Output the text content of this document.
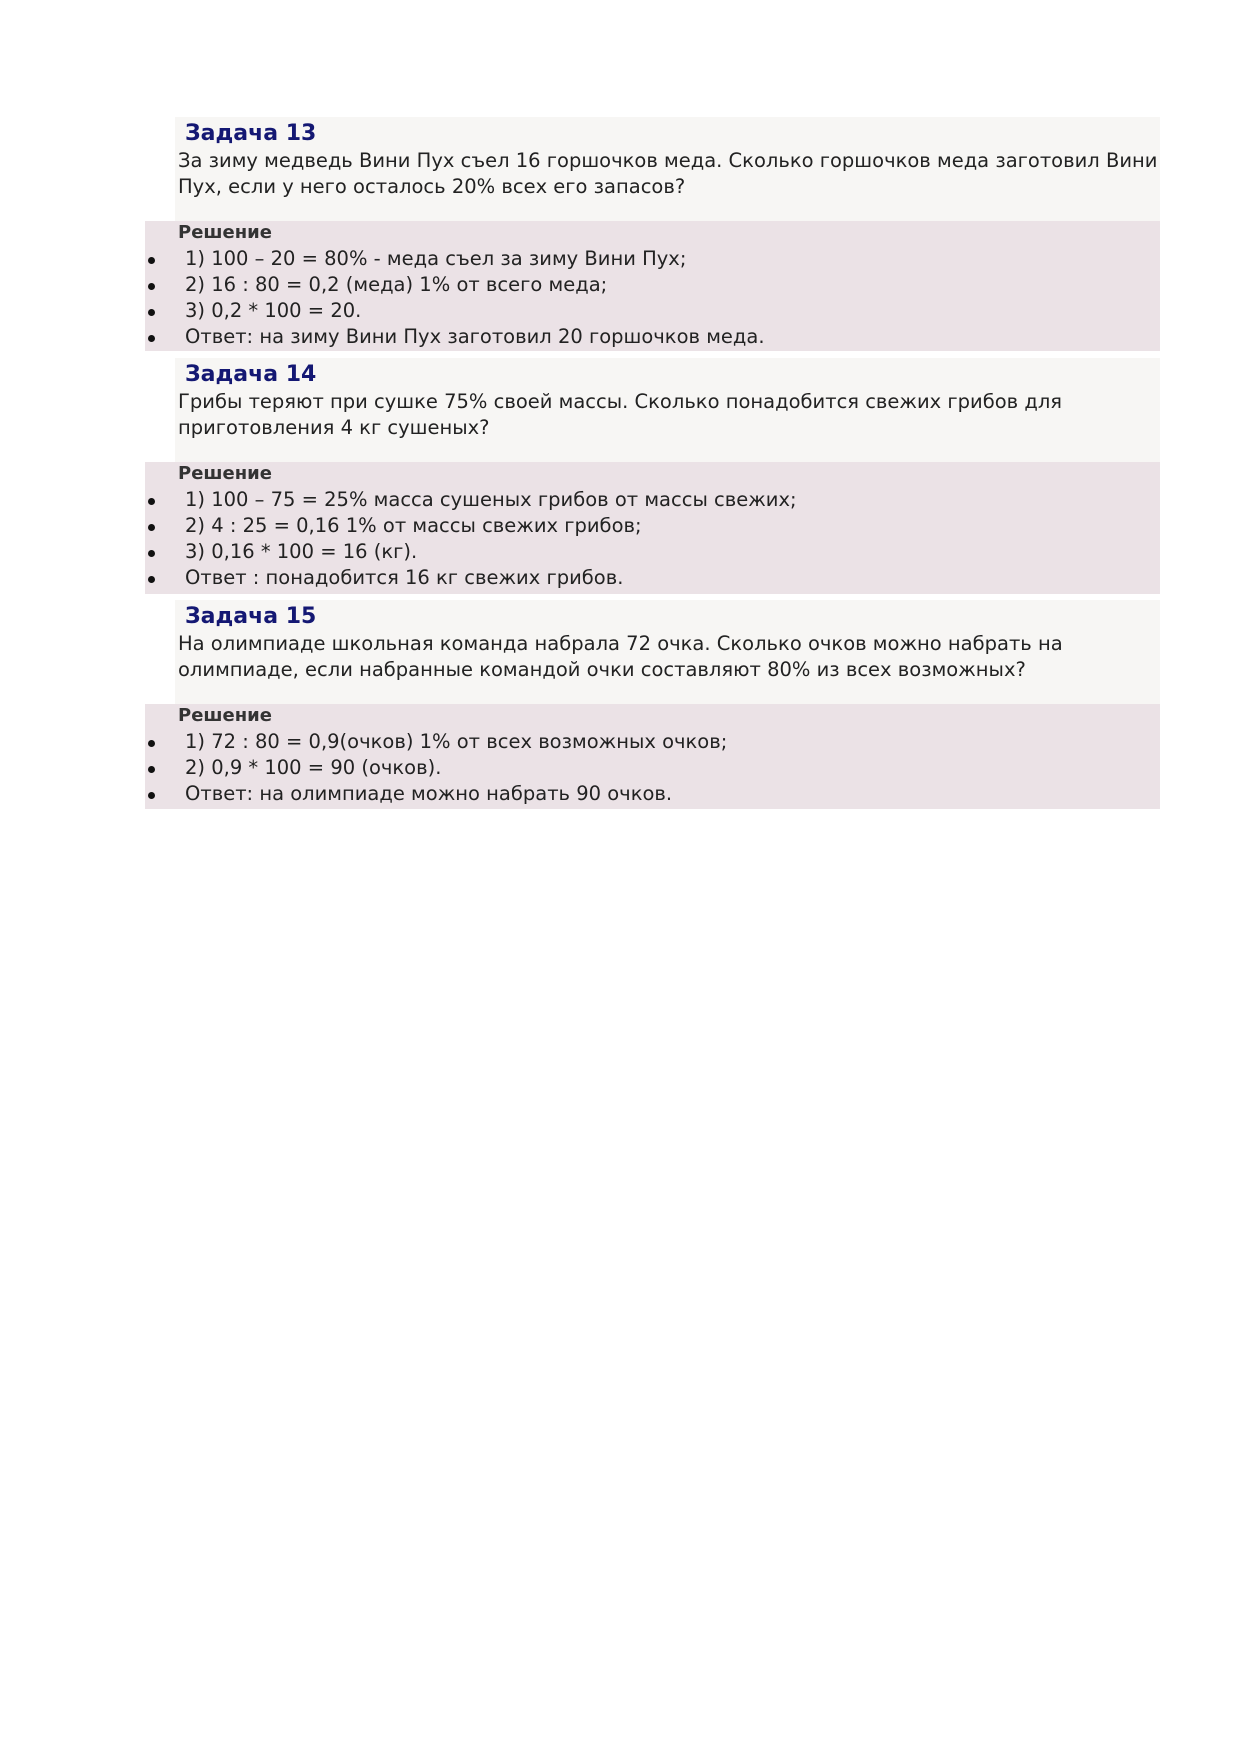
Задача 13
За зиму медведь Вини Пух съел 16 горшочков меда. Сколько горшочков меда заготовил Вини Пух, если у него осталось 20% всех его запасов?
Решение
1) 100 – 20 = 80% - меда съел за зиму Вини Пух;
2) 16 : 80 = 0,2 (меда) 1% от всего меда;
3) 0,2 * 100 = 20.
Ответ: на зиму Вини Пух заготовил 20 горшочков меда.
Задача 14
Грибы теряют при сушке 75% своей массы. Сколько понадобится свежих грибов для приготовления 4 кг сушеных?
Решение
1) 100 – 75 = 25% масса сушеных грибов от массы свежих;
2) 4 : 25 = 0,16 1% от массы свежих грибов;
3) 0,16 * 100 = 16 (кг).
Ответ : понадобится 16 кг свежих грибов.
Задача 15
На олимпиаде школьная команда набрала 72 очка. Сколько очков можно набрать на олимпиаде, если набранные командой очки составляют 80% из всех возможных?
Решение
1) 72 : 80 = 0,9(очков) 1% от всех возможных очков;
2) 0,9 * 100 = 90 (очков).
Ответ: на олимпиаде можно набрать 90 очков.
